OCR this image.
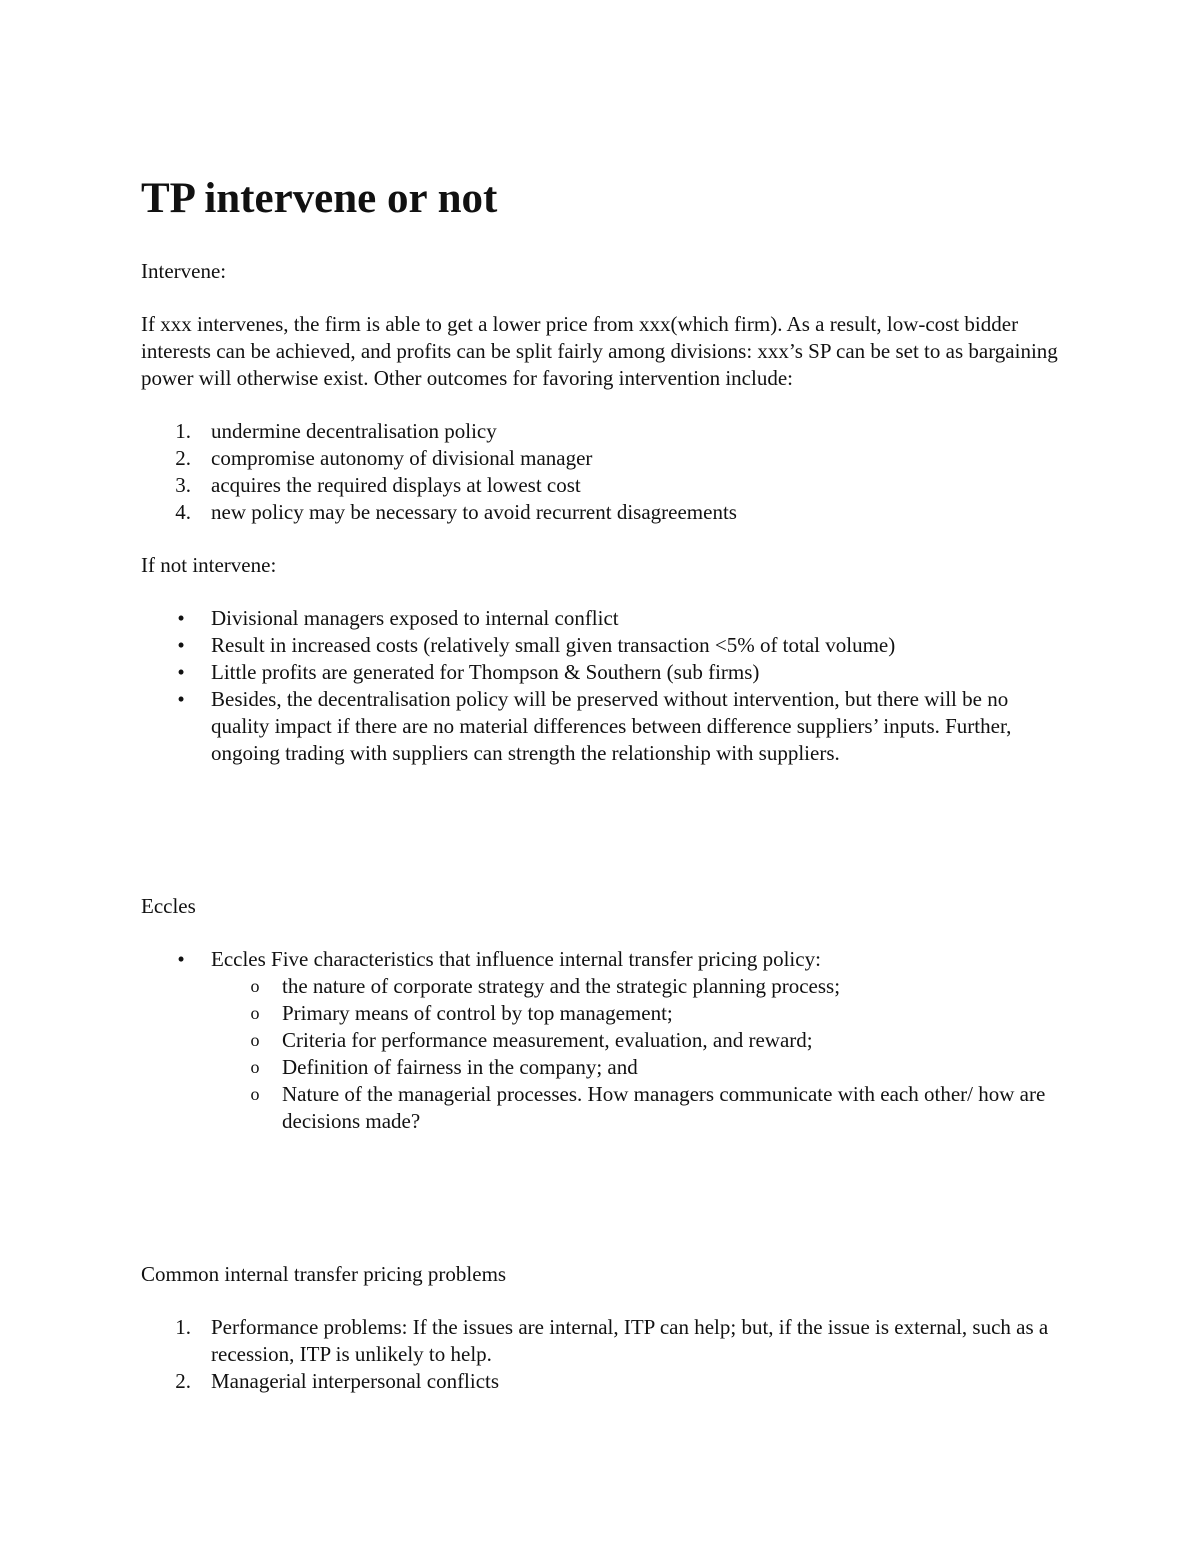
TP intervene or not

Intervene:

If xxx intervenes, the firm is able to get a lower price from xxx(which firm). As a result, low-cost bidder interests can be achieved, and profits can be split fairly among divisions: xxx’s SP can be set to as bargaining power will otherwise exist. Other outcomes for favoring intervention include:

1. undermine decentralisation policy
2. compromise autonomy of divisional manager
3. acquires the required displays at lowest cost
4. new policy may be necessary to avoid recurrent disagreements

If not intervene:

•	Divisional managers exposed to internal conflict
•	Result in increased costs (relatively small given transaction <5% of total volume)
•	Little profits are generated for Thompson & Southern (sub firms)
•	Besides, the decentralisation policy will be preserved without intervention, but there will be no quality impact if there are no material differences between difference suppliers’ inputs. Further, ongoing trading with suppliers can strength the relationship with suppliers.

Eccles

•	Eccles Five characteristics that influence internal transfer pricing policy:
o the nature of corporate strategy and the strategic planning process;
o Primary means of control by top management;
o Criteria for performance measurement, evaluation, and reward;
o Definition of fairness in the company; and
o Nature of the managerial processes. How managers communicate with each other/ how are decisions made?

Common internal transfer pricing problems

1. Performance problems: If the issues are internal, ITP can help; but, if the issue is external, such as a recession, ITP is unlikely to help.
2. Managerial interpersonal conflicts
